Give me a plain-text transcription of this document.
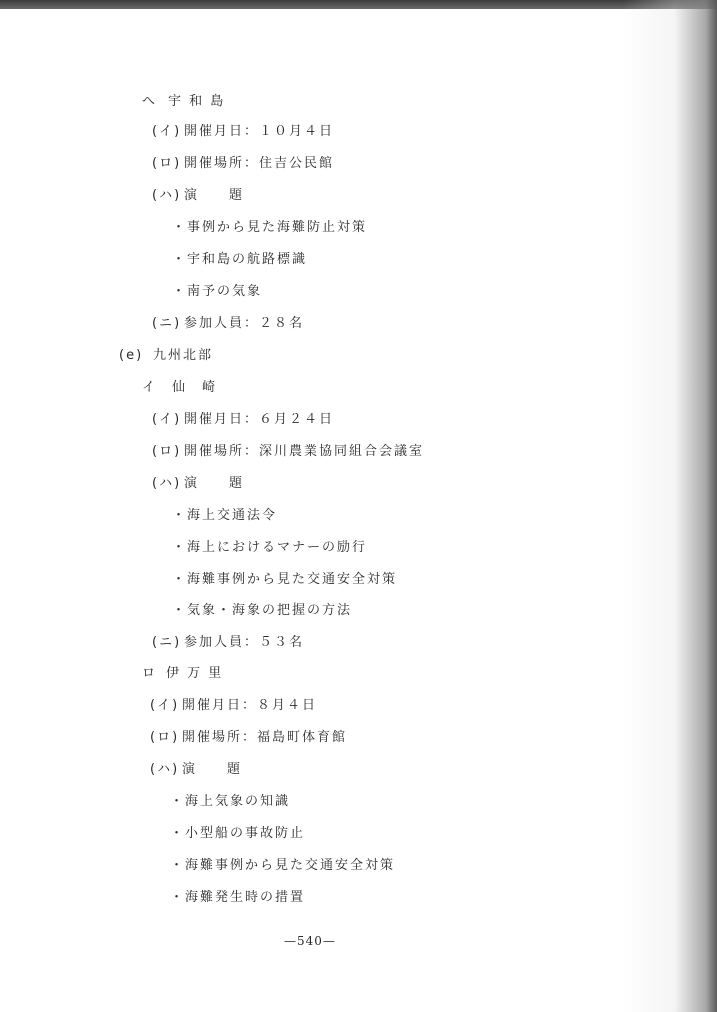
へ 宇 和 島
(イ) 開催月日：１０月４日
(ロ) 開催場所：住吉公民館
(ハ) 演　　題
・事例から見た海難防止対策
・宇和島の航路標識
・南予の気象
(ニ) 参加人員：２８名
(e) 九州北部
イ 仙　崎
(イ) 開催月日：６月２４日
(ロ) 開催場所：深川農業協同組合会議室
(ハ) 演　　題
・海上交通法令
・海上におけるマナーの励行
・海難事例から見た交通安全対策
・気象・海象の把握の方法
(ニ) 参加人員：５３名
ロ 伊 万 里
(イ) 開催月日：８月４日
(ロ) 開催場所：福島町体育館
(ハ) 演　　題
・海上気象の知識
・小型船の事故防止
・海難事例から見た交通安全対策
・海難発生時の措置
—540—
